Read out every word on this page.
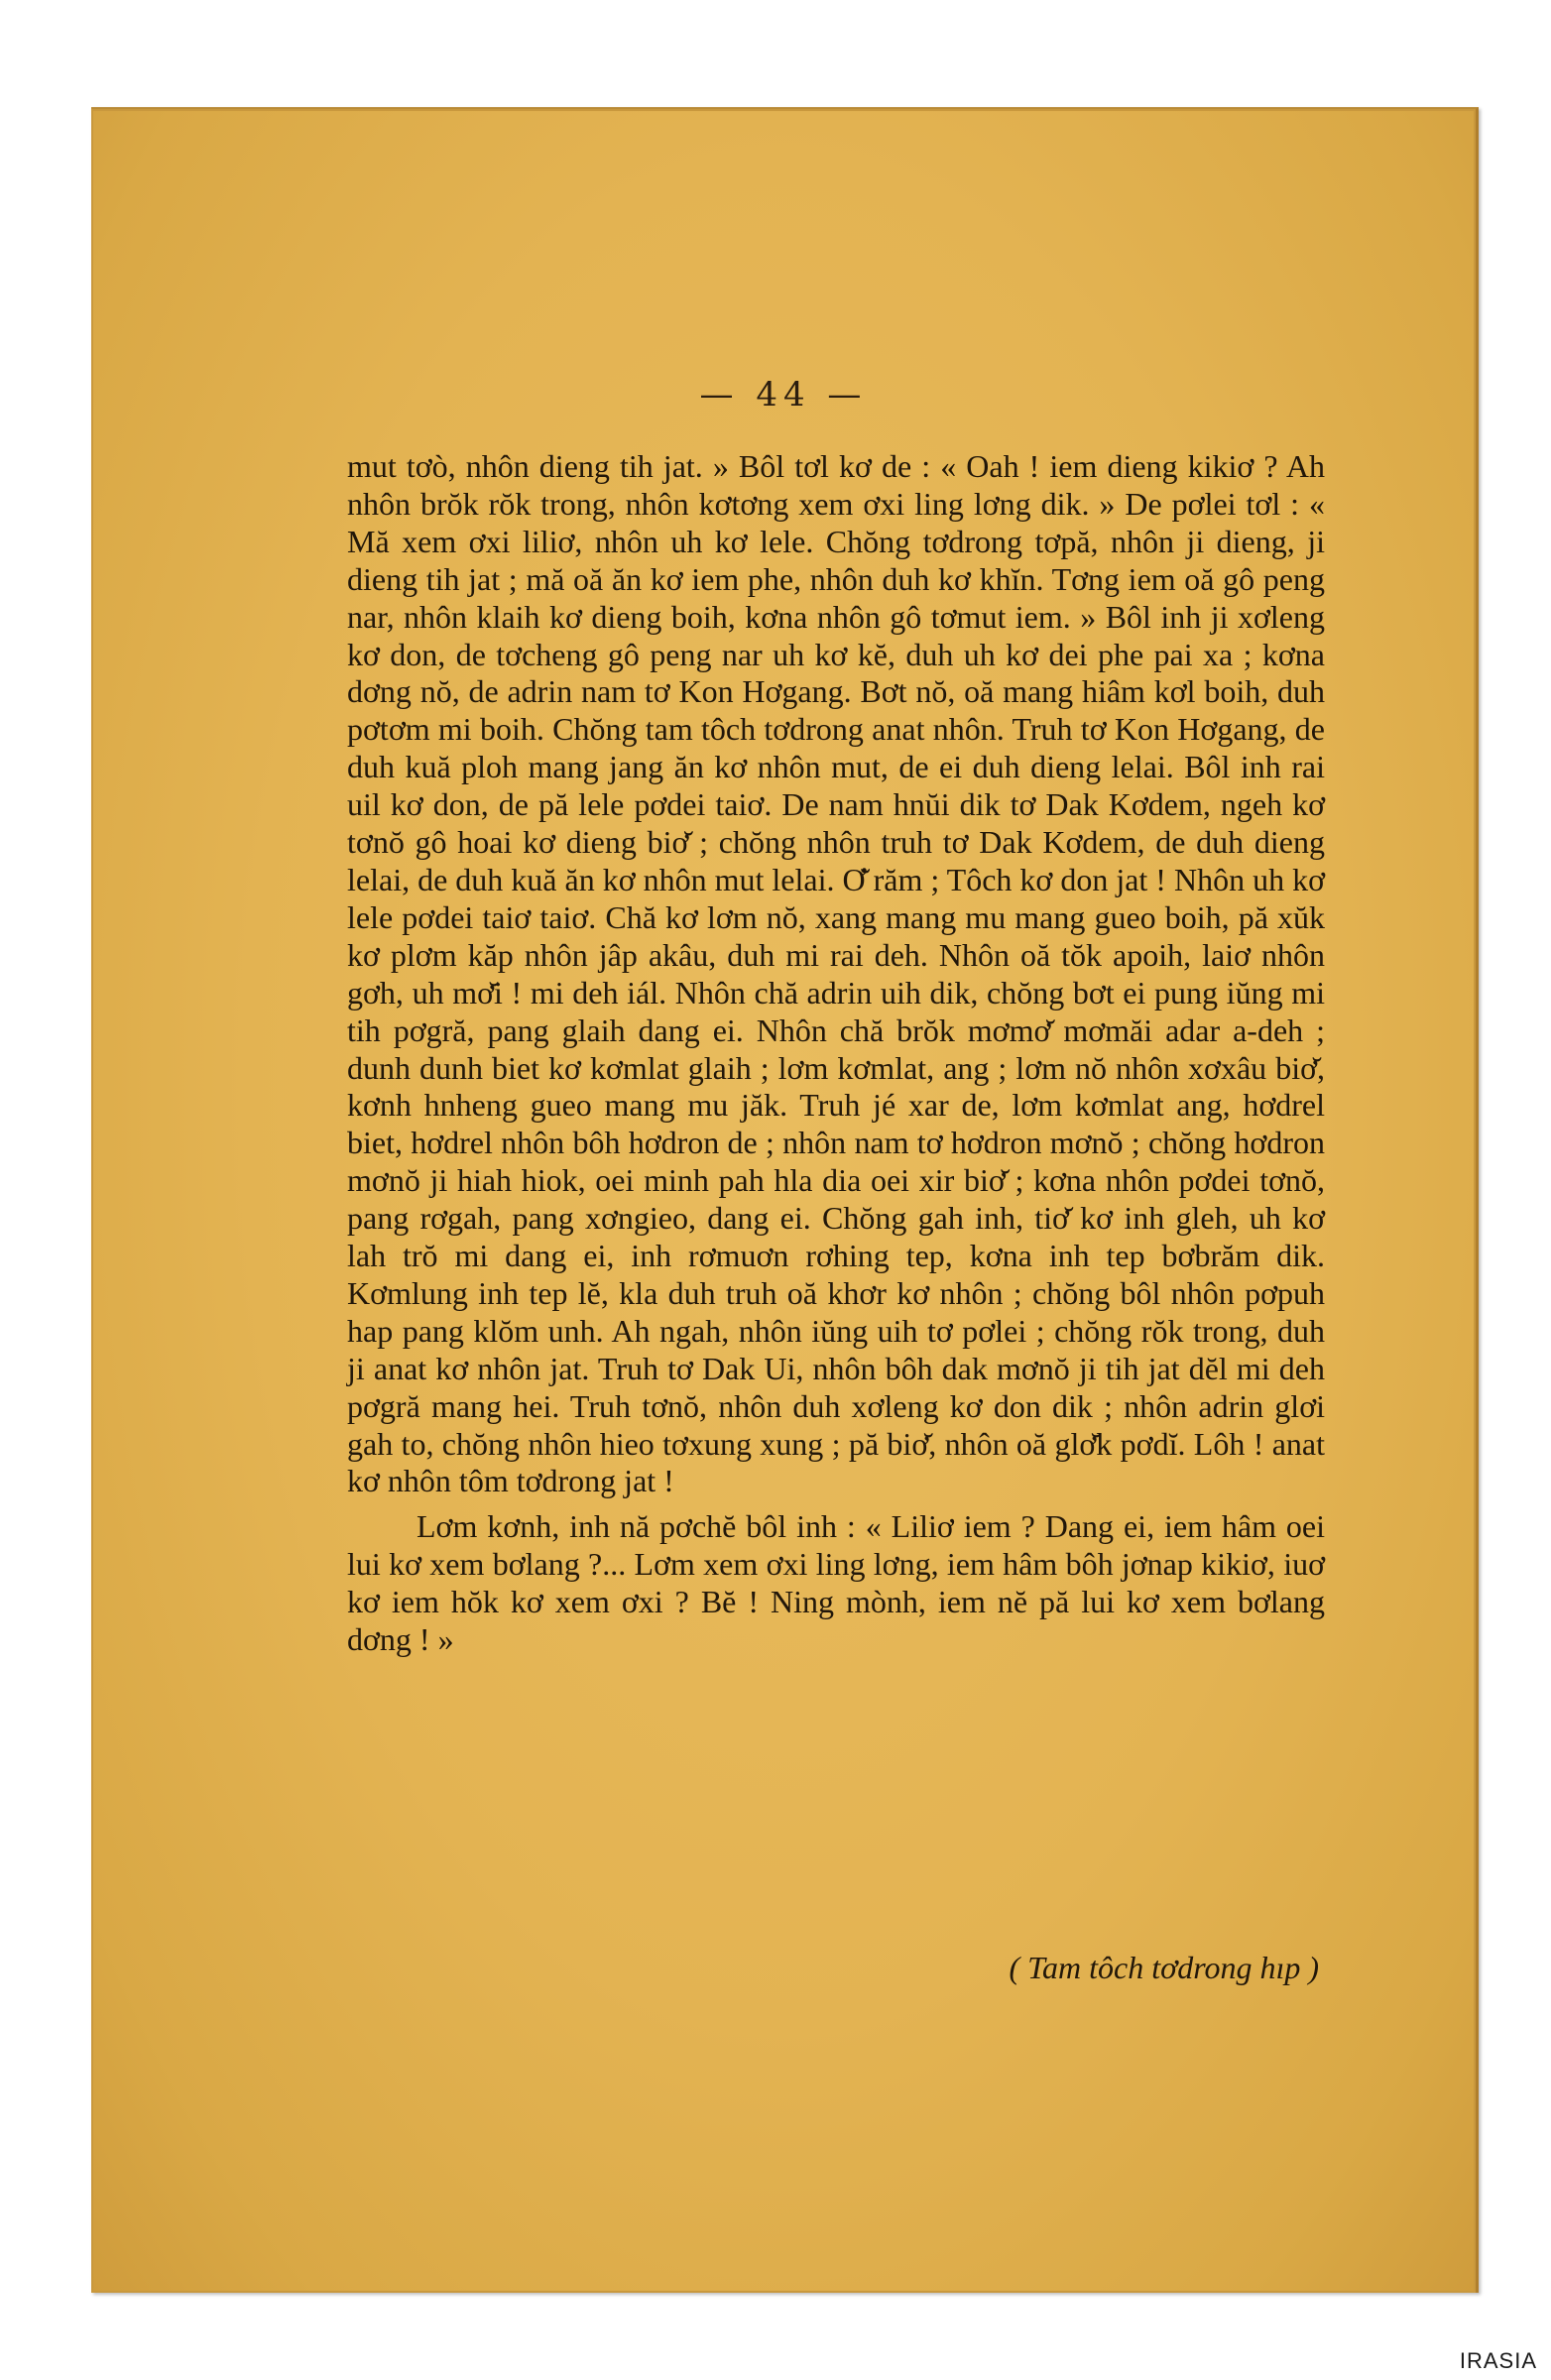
— 44 —

mut tơò, nhôn dieng tih jat. » Bôl tơl kơ de : « Oah ! iem dieng kikiơ ? Ah nhôn brŏk rŏk trong, nhôn kơtơng xem ơxi ling lơng dik. » De pơlei tơl : « Mă xem ơxi liliơ, nhôn uh kơ lele. Chŏng tơdrong tơpă, nhôn ji dieng, ji dieng tih jat ; mă oă ăn kơ iem phe, nhôn duh kơ khĭn. Tơng iem oă gô peng nar, nhôn klaih kơ dieng boih, kơna nhôn gô tơmut iem. » Bôl inh ji xơleng kơ don, de tơcheng gô peng nar uh kơ kĕ, duh uh kơ dei phe pai xa ; kơna dơng nŏ, de adrin nam tơ Kon Hơgang. Bơt nŏ, oă mang hiâm kơl boih, duh pơtơm mi boih. Chŏng tam tôch tơdrong anat nhôn. Truh tơ Kon Hơgang, de duh kuă ploh mang jang ăn kơ nhôn mut, de ei duh dieng lelai. Bôl inh rai uil kơ don, de pă lele pơdei taiơ. De nam hnŭi dik tơ Dak Kơdem, ngeh kơ tơnŏ gô hoai kơ dieng biơ̆ ; chŏng nhôn truh tơ Dak Kơdem, de duh dieng lelai, de duh kuă ăn kơ nhôn mut lelai. Ơ̆ răm ; Tôch kơ don jat ! Nhôn uh kơ lele pơdei taiơ taiơ. Chă kơ lơm nŏ, xang mang mu mang gueo boih, pă xŭk kơ plơm kăp nhôn jâp akâu, duh mi rai deh. Nhôn oă tŏk apoih, laiơ nhôn gơh, uh mơ̆i ! mi deh iál. Nhôn chă adrin uih dik, chŏng bơt ei pung iŭng mi tih pơgră, pang glaih dang ei. Nhôn chă brŏk mơmơ̆ mơmăi adar a-deh ; dunh dunh biet kơ kơmlat glaih ; lơm kơmlat, ang ; lơm nŏ nhôn xơxâu biơ̆, kơnh hnheng gueo mang mu jăk. Truh jé xar de, lơm kơmlat ang, hơdrel biet, hơdrel nhôn bôh hơdron de ; nhôn nam tơ hơdron mơnŏ ; chŏng hơdron mơnŏ ji hiah hiok, oei minh pah hla dia oei xir biơ̆ ; kơna nhôn pơdei tơnŏ, pang rơgah, pang xơngieo, dang ei. Chŏng gah inh, tiơ̆ kơ inh gleh, uh kơ lah trŏ mi dang ei, inh rơmuơn rơhing tep, kơna inh tep bơbrăm dik. Kơmlung inh tep lĕ, kla duh truh oă khơr kơ nhôn ; chŏng bôl nhôn pơpuh hap pang klŏm unh. Ah ngah, nhôn iŭng uih tơ pơlei ; chŏng rŏk trong, duh ji anat kơ nhôn jat. Truh tơ Dak Ui, nhôn bôh dak mơnŏ ji tih jat dĕl mi deh pơgră mang hei. Truh tơnŏ, nhôn duh xơleng kơ don dik ; nhôn adrin glơi gah to, chŏng nhôn hieo tơxung xung ; pă biơ̆, nhôn oă glơ̆k pơdĭ. Lôh ! anat kơ nhôn tôm tơdrong jat !

Lơm kơnh, inh nă pơchĕ bôl inh : « Liliơ iem ? Dang ei, iem hâm oei lui kơ xem bơlang ?... Lơm xem ơxi ling lơng, iem hâm bôh jơnap kikiơ, iuơ kơ iem hŏk kơ xem ơxi ? Bĕ ! Ning mònh, iem nĕ pă lui kơ xem bơlang dơng ! »

( Tam tôch tơdrong hıp )
IRASIA
